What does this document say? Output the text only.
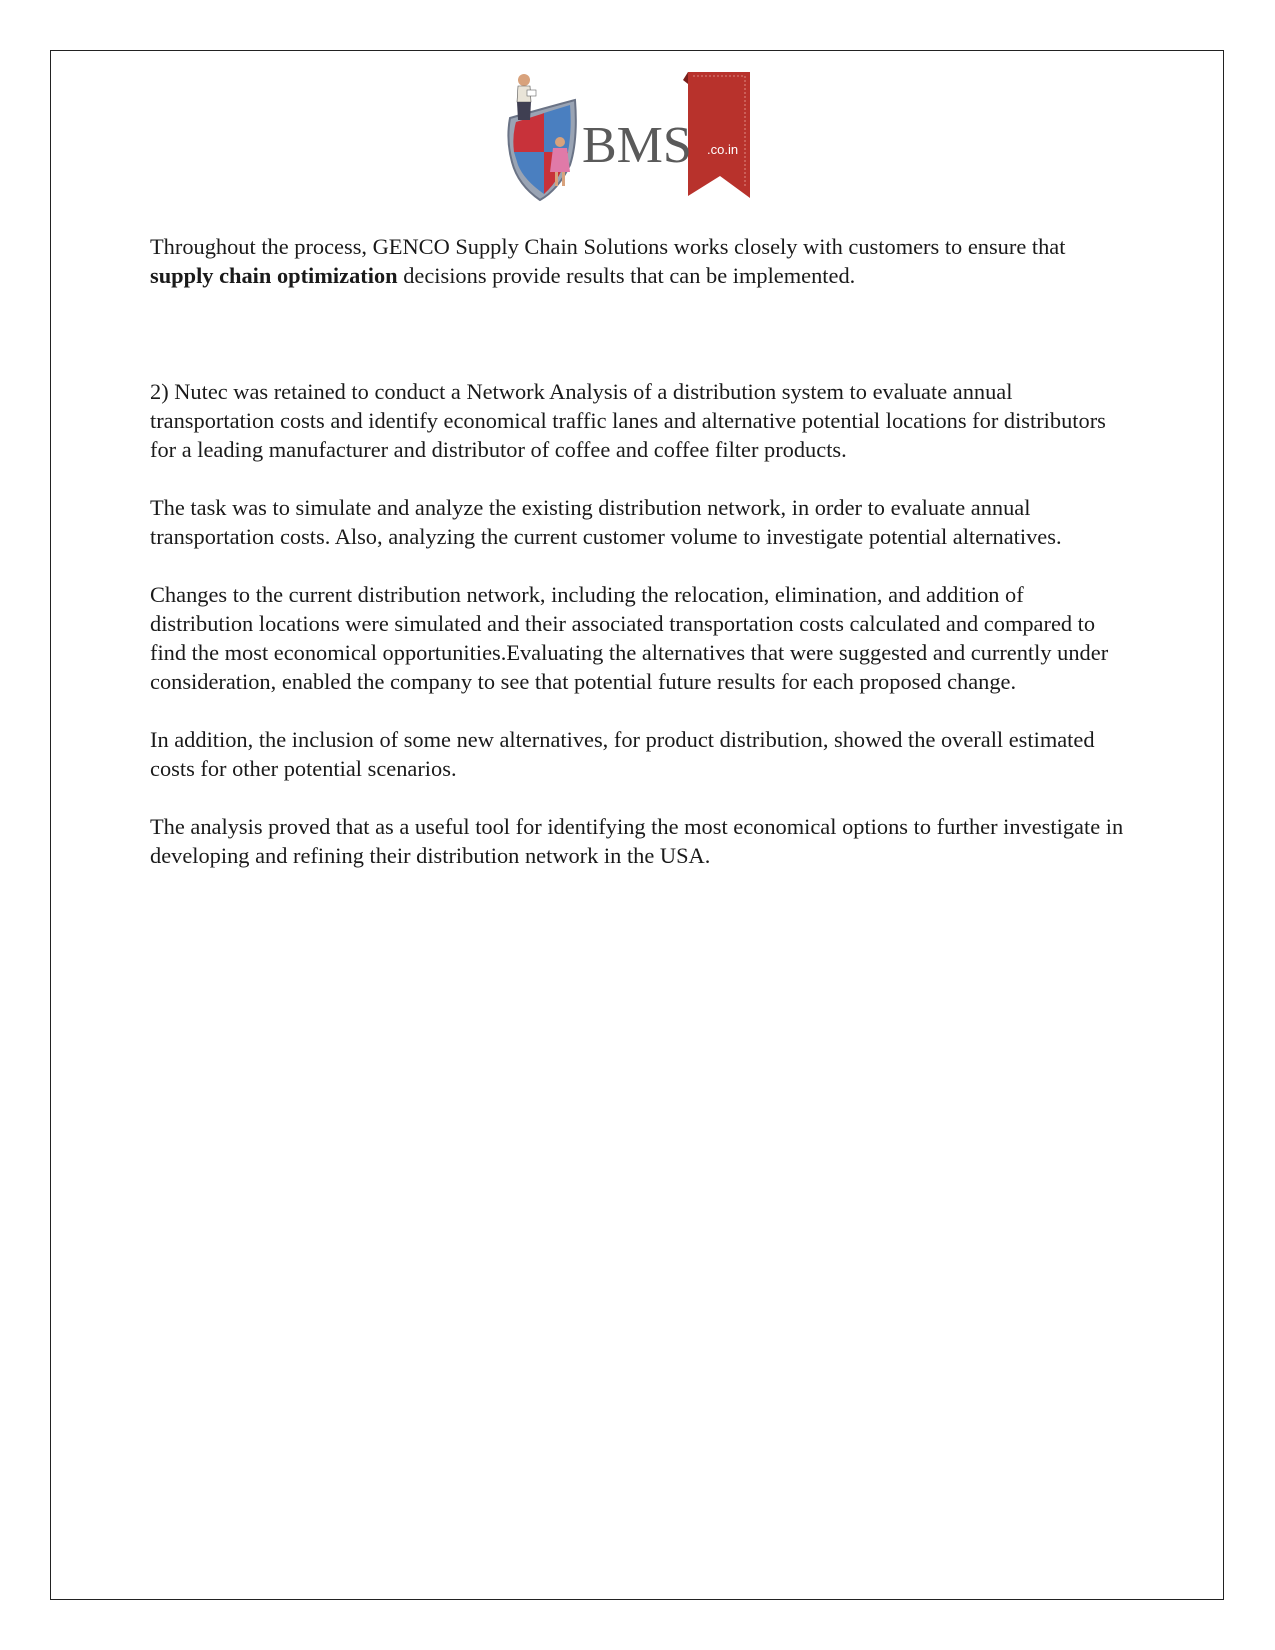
BMS .co.in

Throughout the process, GENCO Supply Chain Solutions works closely with customers to ensure that supply chain optimization decisions provide results that can be implemented.

2) Nutec was retained to conduct a Network Analysis of a distribution system to evaluate annual transportation costs and identify economical traffic lanes and alternative potential locations for distributors for a leading manufacturer and distributor of coffee and coffee filter products.

The task was to simulate and analyze the existing distribution network, in order to evaluate annual transportation costs. Also, analyzing the current customer volume to investigate potential alternatives.

Changes to the current distribution network, including the relocation, elimination, and addition of distribution locations were simulated and their associated transportation costs calculated and compared to find the most economical opportunities.Evaluating the alternatives that were suggested and currently under consideration, enabled the company to see that potential future results for each proposed change.

In addition, the inclusion of some new alternatives, for product distribution, showed the overall estimated costs for other potential scenarios.

The analysis proved that as a useful tool for identifying the most economical options to further investigate in developing and refining their distribution network in the USA.
